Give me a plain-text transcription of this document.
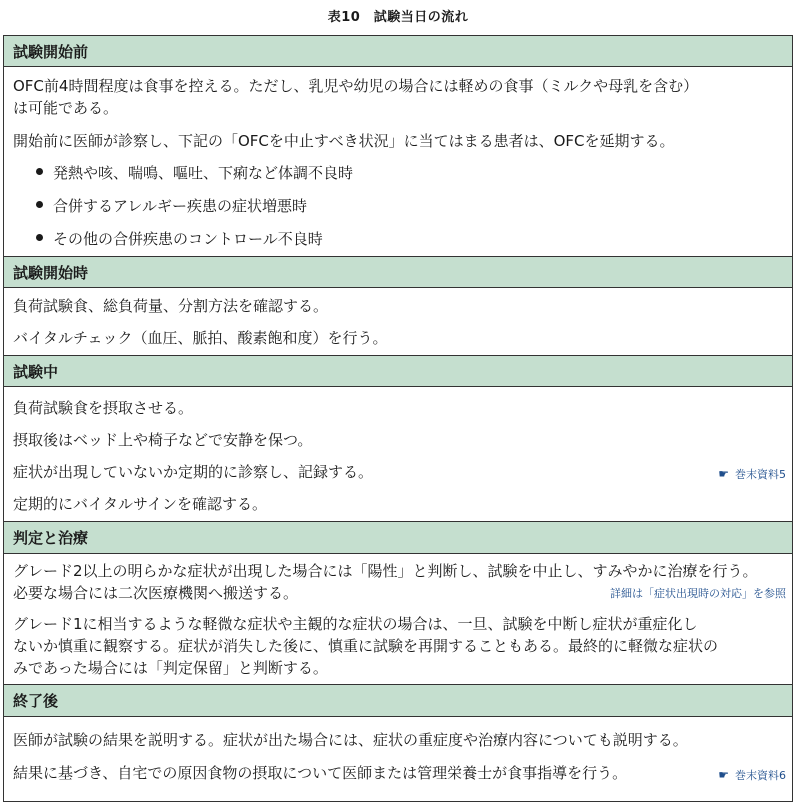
表10　試験当日の流れ
試験開始前
OFC前4時間程度は食事を控える。ただし、乳児や幼児の場合には軽めの食事（ミルクや母乳を含む）
は可能である。
開始前に医師が診察し、下記の「OFCを中止すべき状況」に当てはまる患者は、OFCを延期する。
発熱や咳、喘鳴、嘔吐、下痢など体調不良時
合併するアレルギー疾患の症状増悪時
その他の合併疾患のコントロール不良時
試験開始時
負荷試験食、総負荷量、分割方法を確認する。
バイタルチェック（血圧、脈拍、酸素飽和度）を行う。
試験中
負荷試験食を摂取させる。
摂取後はベッド上や椅子などで安静を保つ。
症状が出現していないか定期的に診察し、記録する。	☛ 巻末資料5
定期的にバイタルサインを確認する。
判定と治療
グレード2以上の明らかな症状が出現した場合には「陽性」と判断し、試験を中止し、すみやかに治療を行う。
必要な場合には二次医療機関へ搬送する。	詳細は「症状出現時の対応」を参照
グレード1に相当するような軽微な症状や主観的な症状の場合は、一旦、試験を中断し症状が重症化し
ないか慎重に観察する。症状が消失した後に、慎重に試験を再開することもある。最終的に軽微な症状の
みであった場合には「判定保留」と判断する。
終了後
医師が試験の結果を説明する。症状が出た場合には、症状の重症度や治療内容についても説明する。
結果に基づき、自宅での原因食物の摂取について医師または管理栄養士が食事指導を行う。	☛ 巻末資料6
